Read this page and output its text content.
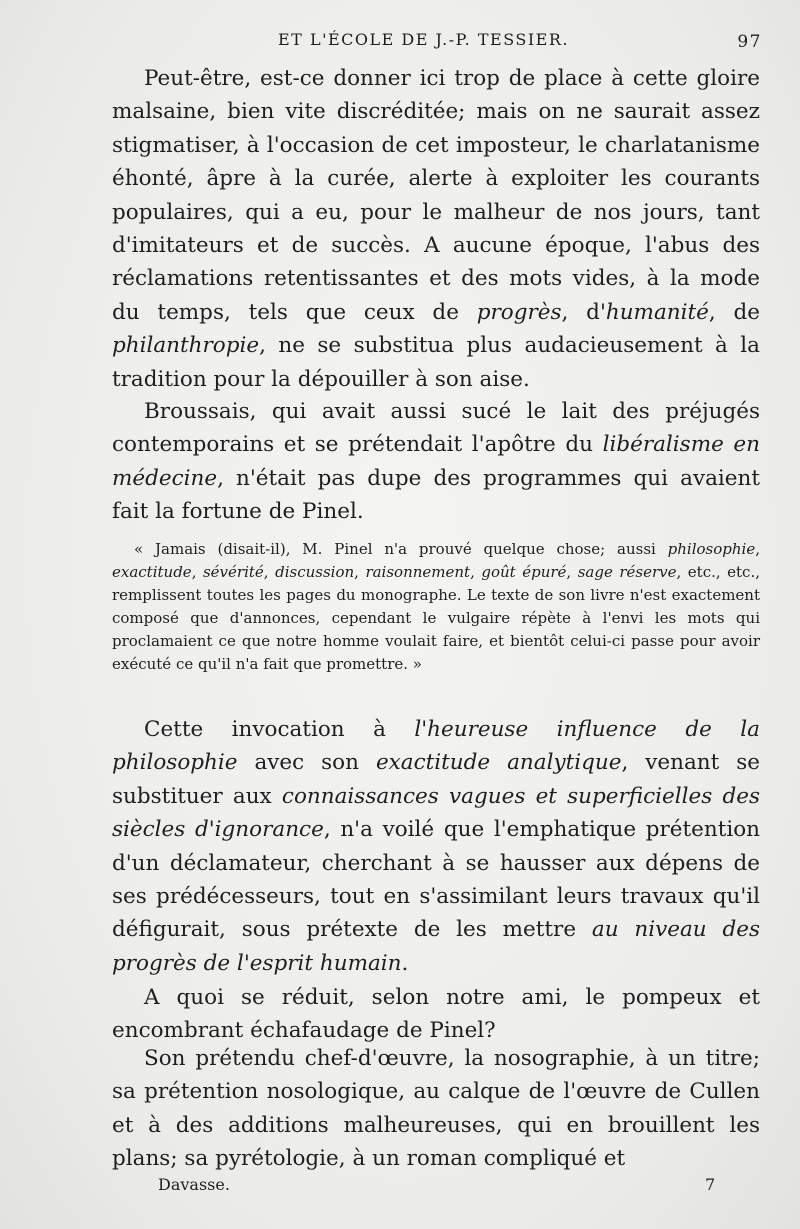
ET L'ÉCOLE DE J.-P. TESSIER.	97

Peut-être, est-ce donner ici trop de place à cette gloire malsaine, bien vite discréditée; mais on ne saurait assez stigmatiser, à l'occasion de cet imposteur, le charlatanisme éhonté, âpre à la curée, alerte à exploiter les courants populaires, qui a eu, pour le malheur de nos jours, tant d'imitateurs et de succès. A aucune époque, l'abus des réclamations retentissantes et des mots vides, à la mode du temps, tels que ceux de progrès, d'humanité, de philanthropie, ne se substitua plus audacieusement à la tradition pour la dépouiller à son aise.

Broussais, qui avait aussi sucé le lait des préjugés contemporains et se prétendait l'apôtre du libéralisme en médecine, n'était pas dupe des programmes qui avaient fait la fortune de Pinel.

« Jamais (disait-il), M. Pinel n'a prouvé quelque chose; aussi philosophie, exactitude, sévérité, discussion, raisonnement, goût épuré, sage réserve, etc., etc., remplissent toutes les pages du monographe. Le texte de son livre n'est exactement composé que d'annonces, cependant le vulgaire répète à l'envi les mots qui proclamaient ce que notre homme voulait faire, et bientôt celui-ci passe pour avoir exécuté ce qu'il n'a fait que promettre. »

Cette invocation à l'heureuse influence de la philosophie avec son exactitude analytique, venant se substituer aux connaissances vagues et superficielles des siècles d'ignorance, n'a voilé que l'emphatique prétention d'un déclamateur, cherchant à se hausser aux dépens de ses prédécesseurs, tout en s'assimilant leurs travaux qu'il défigurait, sous prétexte de les mettre au niveau des progrès de l'esprit humain.

A quoi se réduit, selon notre ami, le pompeux et encombrant échafaudage de Pinel?

Son prétendu chef-d'œuvre, la nosographie, à un titre; sa prétention nosologique, au calque de l'œuvre de Cullen et à des additions malheureuses, qui en brouillent les plans; sa pyrétologie, à un roman compliqué et

Davasse.	7
